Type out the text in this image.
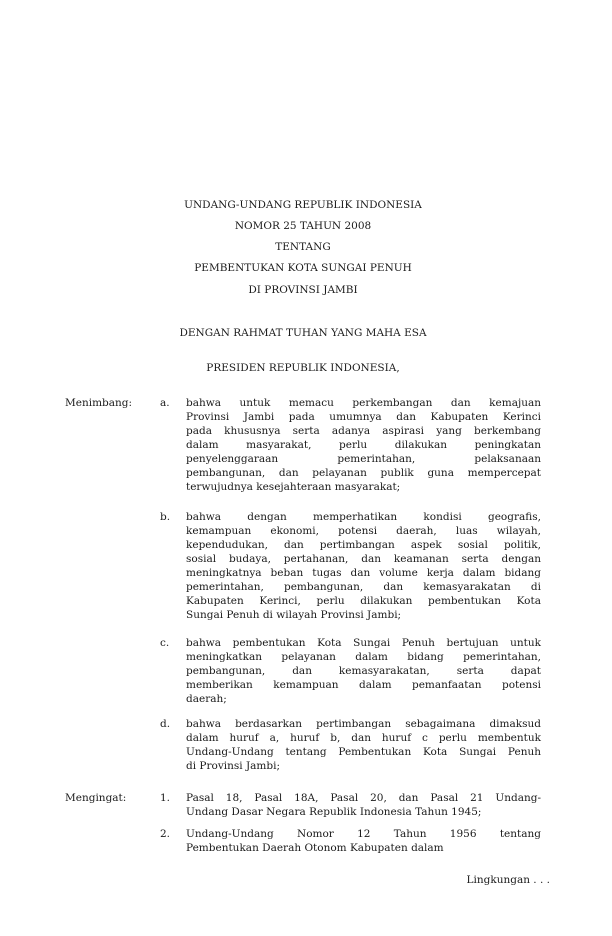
UNDANG-UNDANG REPUBLIK INDONESIA
NOMOR 25 TAHUN 2008
TENTANG
PEMBENTUKAN KOTA SUNGAI PENUH
DI PROVINSI JAMBI
DENGAN RAHMAT TUHAN YANG MAHA ESA
PRESIDEN REPUBLIK INDONESIA,
Menimbang:	a. bahwa untuk memacu perkembangan dan kemajuan
Provinsi Jambi pada umumnya dan Kabupaten Kerinci
pada khususnya serta adanya aspirasi yang berkembang
dalam masyarakat, perlu dilakukan peningkatan
penyelenggaraan pemerintahan, pelaksanaan
pembangunan, dan pelayanan publik guna mempercepat
terwujudnya kesejahteraan masyarakat;
b. bahwa dengan memperhatikan kondisi geografis,
kemampuan ekonomi, potensi daerah, luas wilayah,
kependudukan, dan pertimbangan aspek sosial politik,
sosial budaya, pertahanan, dan keamanan serta dengan
meningkatnya beban tugas dan volume kerja dalam bidang
pemerintahan, pembangunan, dan kemasyarakatan di
Kabupaten Kerinci, perlu dilakukan pembentukan Kota
Sungai Penuh di wilayah Provinsi Jambi;
c. bahwa pembentukan Kota Sungai Penuh bertujuan untuk
meningkatkan pelayanan dalam bidang pemerintahan,
pembangunan, dan kemasyarakatan, serta dapat
memberikan kemampuan dalam pemanfaatan potensi
daerah;
d. bahwa berdasarkan pertimbangan sebagaimana dimaksud
dalam huruf a, huruf b, dan huruf c perlu membentuk
Undang-Undang tentang Pembentukan Kota Sungai Penuh
di Provinsi Jambi;
Mengingat:	1. Pasal 18, Pasal 18A, Pasal 20, dan Pasal 21 Undang-
Undang Dasar Negara Republik Indonesia Tahun 1945;
2. Undang-Undang Nomor 12 Tahun 1956 tentang
Pembentukan Daerah Otonom Kabupaten dalam
Lingkungan . . .
